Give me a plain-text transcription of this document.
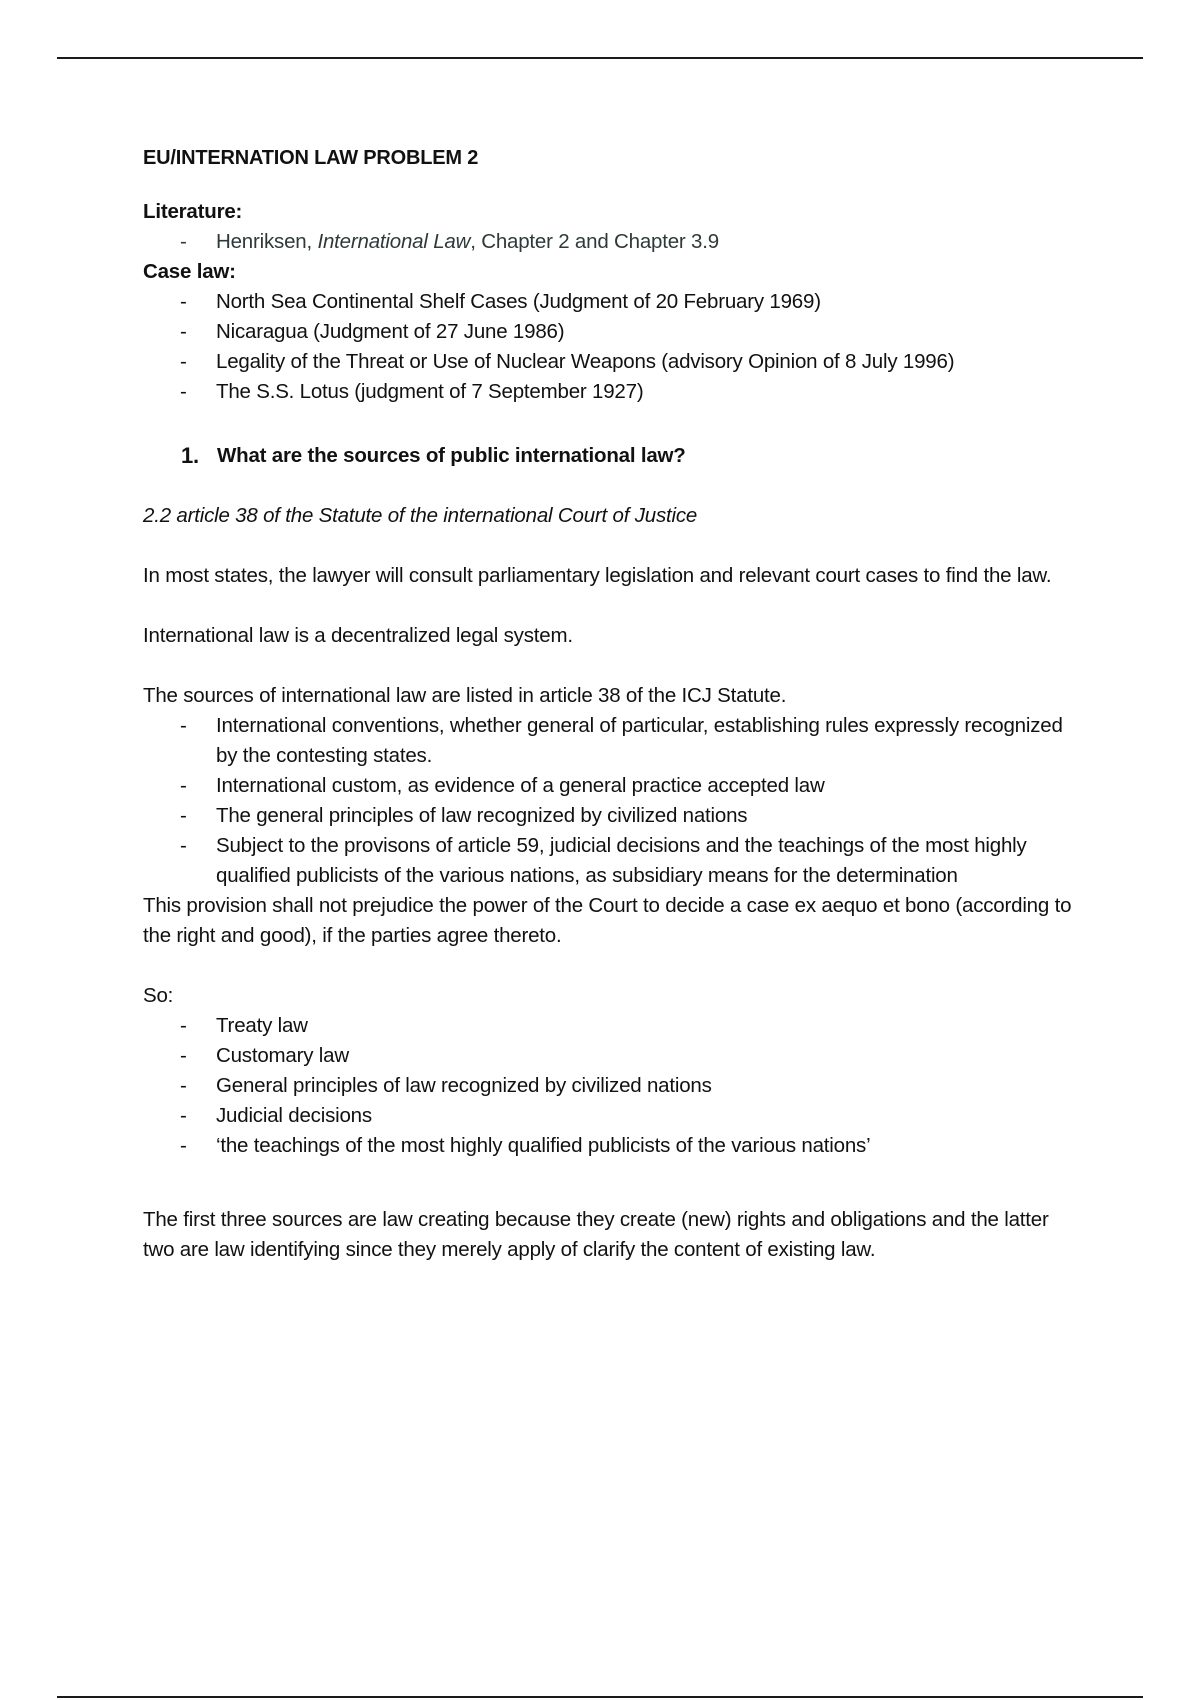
EU/INTERNATION LAW PROBLEM 2
Literature:
- Henriksen, International Law, Chapter 2 and Chapter 3.9
Case law:
- North Sea Continental Shelf Cases (Judgment of 20 February 1969)
- Nicaragua (Judgment of 27 June 1986)
- Legality of the Threat or Use of Nuclear Weapons (advisory Opinion of 8 July 1996)
- The S.S. Lotus (judgment of 7 September 1927)
1. What are the sources of public international law?
2.2 article 38 of the Statute of the international Court of Justice

In most states, the lawyer will consult parliamentary legislation and relevant court cases to find the law.

International law is a decentralized legal system.

The sources of international law are listed in article 38 of the ICJ Statute.

- International conventions, whether general of particular, establishing rules expressly recognized by the contesting states.
- International custom, as evidence of a general practice accepted law
- The general principles of law recognized by civilized nations
- Subject to the provisons of article 59, judicial decisions and the teachings of the most highly qualified publicists of the various nations, as subsidiary means for the determination

This provision shall not prejudice the power of the Court to decide a case ex aequo et bono (according to the right and good), if the parties agree thereto.

So:

- Treaty law
- Customary law
- General principles of law recognized by civilized nations
- Judicial decisions
- ‘the teachings of the most highly qualified publicists of the various nations’

The first three sources are law creating because they create (new) rights and obligations and the latter two are law identifying since they merely apply of clarify the content of existing law.
